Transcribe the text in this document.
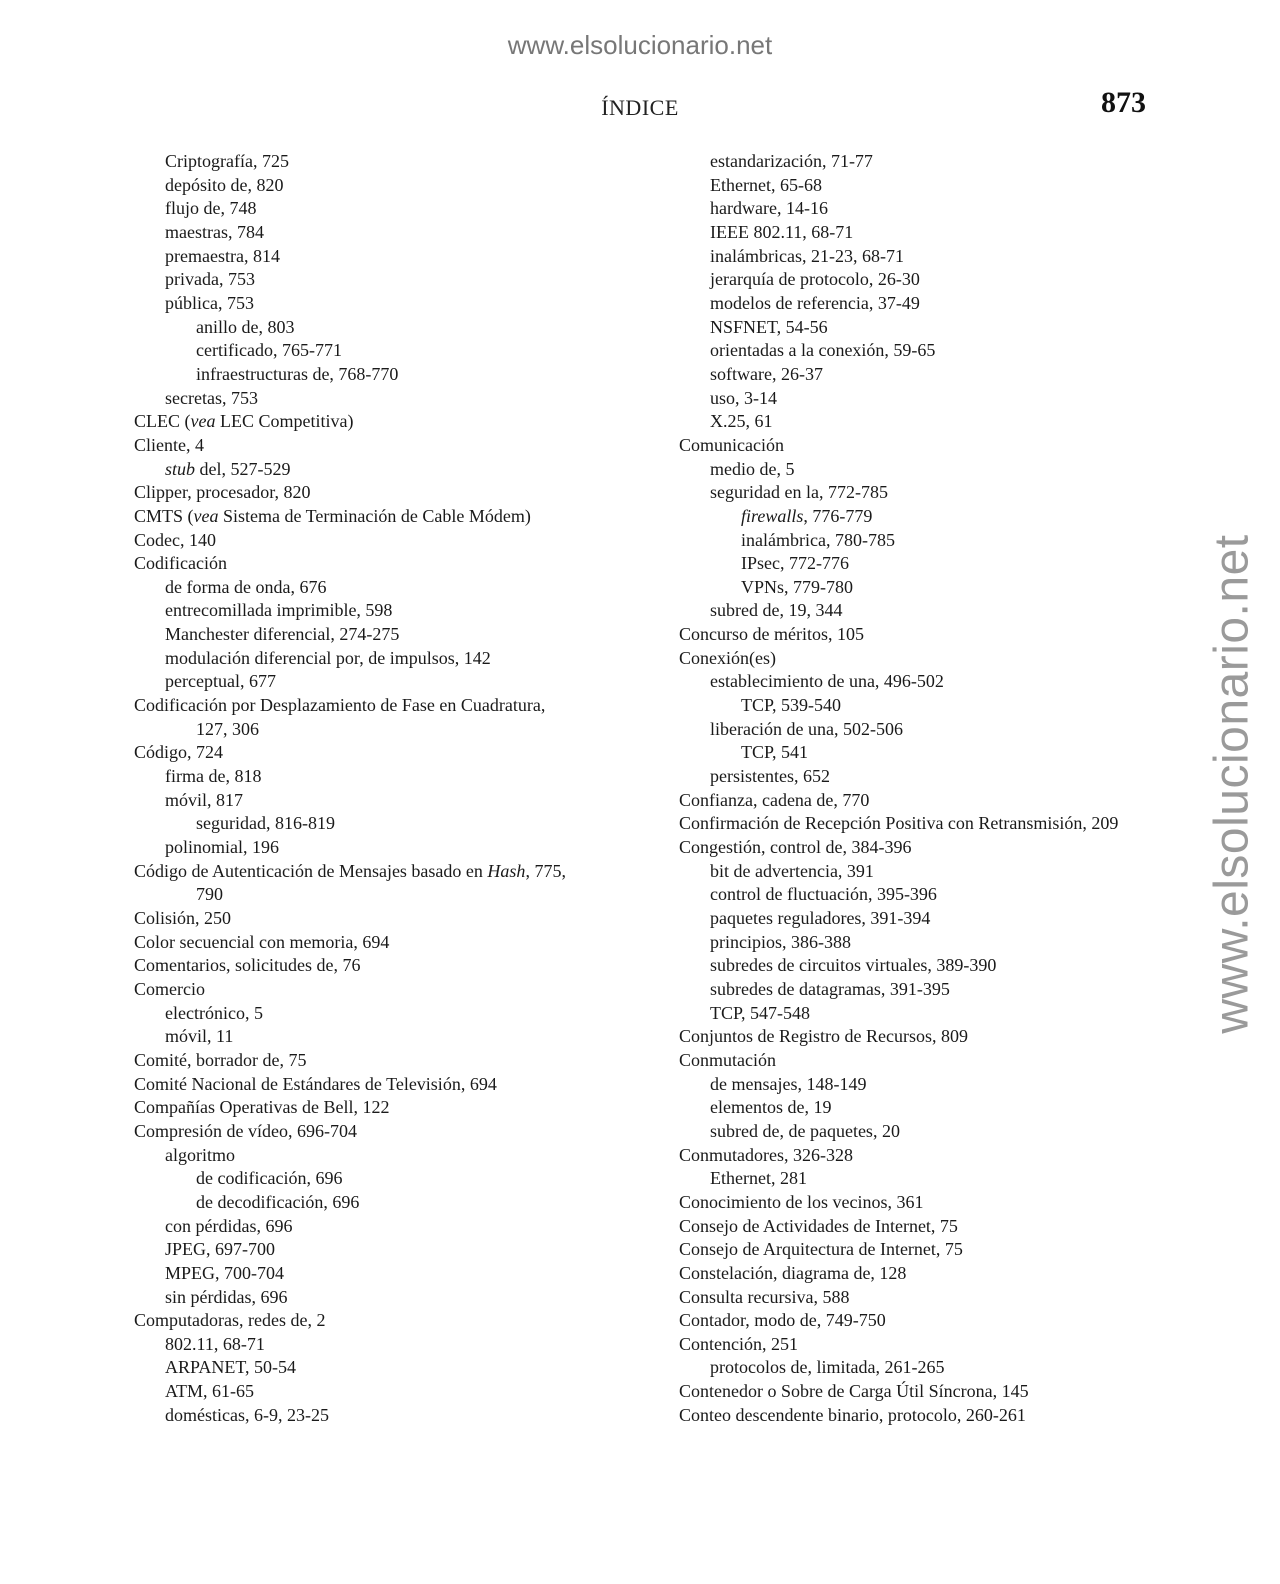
www.elsolucionario.net
www.elsolucionario.net
ÍNDICE	873
Criptografía, 725
depósito de, 820
flujo de, 748
maestras, 784
premaestra, 814
privada, 753
pública, 753
anillo de, 803
certificado, 765-771
infraestructuras de, 768-770
secretas, 753
CLEC (vea LEC Competitiva)
Cliente, 4
stub del, 527-529
Clipper, procesador, 820
CMTS (vea Sistema de Terminación de Cable Módem)
Codec, 140
Codificación
de forma de onda, 676
entrecomillada imprimible, 598
Manchester diferencial, 274-275
modulación diferencial por, de impulsos, 142
perceptual, 677
Codificación por Desplazamiento de Fase en Cuadratura,
127, 306
Código, 724
firma de, 818
móvil, 817
seguridad, 816-819
polinomial, 196
Código de Autenticación de Mensajes basado en Hash, 775,
790
Colisión, 250
Color secuencial con memoria, 694
Comentarios, solicitudes de, 76
Comercio
electrónico, 5
móvil, 11
Comité, borrador de, 75
Comité Nacional de Estándares de Televisión, 694
Compañías Operativas de Bell, 122
Compresión de vídeo, 696-704
algoritmo
de codificación, 696
de decodificación, 696
con pérdidas, 696
JPEG, 697-700
MPEG, 700-704
sin pérdidas, 696
Computadoras, redes de, 2
802.11, 68-71
ARPANET, 50-54
ATM, 61-65
domésticas, 6-9, 23-25
estandarización, 71-77
Ethernet, 65-68
hardware, 14-16
IEEE 802.11, 68-71
inalámbricas, 21-23, 68-71
jerarquía de protocolo, 26-30
modelos de referencia, 37-49
NSFNET, 54-56
orientadas a la conexión, 59-65
software, 26-37
uso, 3-14
X.25, 61
Comunicación
medio de, 5
seguridad en la, 772-785
firewalls, 776-779
inalámbrica, 780-785
IPsec, 772-776
VPNs, 779-780
subred de, 19, 344
Concurso de méritos, 105
Conexión(es)
establecimiento de una, 496-502
TCP, 539-540
liberación de una, 502-506
TCP, 541
persistentes, 652
Confianza, cadena de, 770
Confirmación de Recepción Positiva con Retransmisión, 209
Congestión, control de, 384-396
bit de advertencia, 391
control de fluctuación, 395-396
paquetes reguladores, 391-394
principios, 386-388
subredes de circuitos virtuales, 389-390
subredes de datagramas, 391-395
TCP, 547-548
Conjuntos de Registro de Recursos, 809
Conmutación
de mensajes, 148-149
elementos de, 19
subred de, de paquetes, 20
Conmutadores, 326-328
Ethernet, 281
Conocimiento de los vecinos, 361
Consejo de Actividades de Internet, 75
Consejo de Arquitectura de Internet, 75
Constelación, diagrama de, 128
Consulta recursiva, 588
Contador, modo de, 749-750
Contención, 251
protocolos de, limitada, 261-265
Contenedor o Sobre de Carga Útil Síncrona, 145
Conteo descendente binario, protocolo, 260-261
